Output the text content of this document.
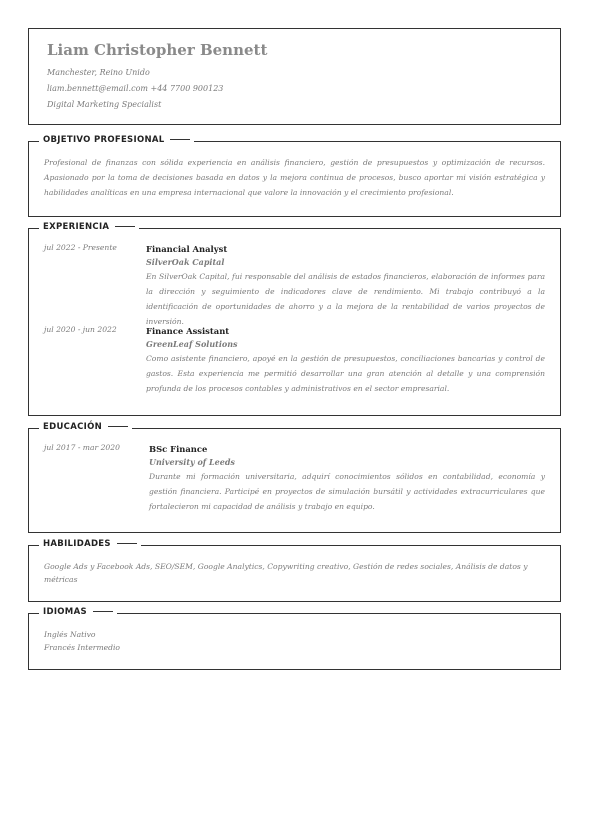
Liam Christopher Bennett
Manchester, Reino Unido
liam.bennett@email.com +44 7700 900123
Digital Marketing Specialist
OBJETIVO PROFESIONAL
Profesional de finanzas con sólida experiencia en análisis financiero, gestión de presupuestos y optimización de recursos. Apasionado por la toma de decisiones basada en datos y la mejora continua de procesos, busco aportar mi visión estratégica y habilidades analíticas en una empresa internacional que valore la innovación y el crecimiento profesional.
EXPERIENCIA
jul 2022 - Presente	Financial Analyst
SilverOak Capital
En SilverOak Capital, fui responsable del análisis de estados financieros, elaboración de informes para la dirección y seguimiento de indicadores clave de rendimiento. Mi trabajo contribuyó a la identificación de oportunidades de ahorro y a la mejora de la rentabilidad de varios proyectos de inversión.
jul 2020 - jun 2022	Finance Assistant
GreenLeaf Solutions
Como asistente financiero, apoyé en la gestión de presupuestos, conciliaciones bancarias y control de gastos. Esta experiencia me permitió desarrollar una gran atención al detalle y una comprensión profunda de los procesos contables y administrativos en el sector empresarial.
EDUCACIÓN
jul 2017 - mar 2020	BSc Finance
University of Leeds
Durante mi formación universitaria, adquirí conocimientos sólidos en contabilidad, economía y gestión financiera. Participé en proyectos de simulación bursátil y actividades extracurriculares que fortalecieron mi capacidad de análisis y trabajo en equipo.
HABILIDADES
Google Ads y Facebook Ads, SEO/SEM, Google Analytics, Copywriting creativo, Gestión de redes sociales, Análisis de datos y métricas
IDIOMAS
Inglés Nativo
Francés Intermedio
